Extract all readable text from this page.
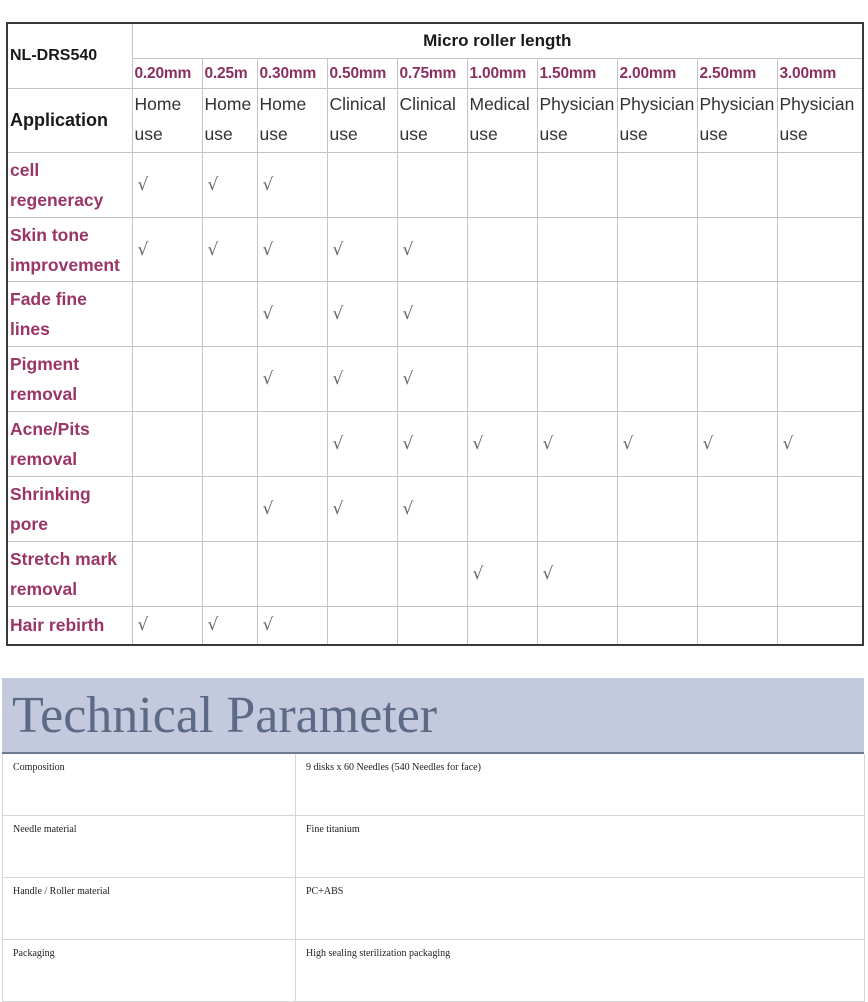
NL-DRS540	Micro roller length									
	0.20mm	0.25m	0.30mm	0.50mm	0.75mm	1.00mm	1.50mm	2.00mm	2.50mm	3.00mm
Application	Home use	Home use	Home use	Clinical use	Clinical use	Medical use	Physician use	Physician use	Physician use	Physician use
cell regeneracy	√	√	√							
Skin tone improvement	√	√	√	√	√					
Fade fine lines			√	√	√					
Pigment removal			√	√	√					
Acne/Pits removal				√	√	√	√	√	√	√
Shrinking pore			√	√	√					
Stretch mark removal						√	√			
Hair rebirth	√	√	√							
Technical Parameter
Composition	9 disks x 60 Needles (540 Needles for face)
Needle material	Fine titanium
Handle / Roller material	PC+ABS
Packaging	High sealing sterilization packaging
